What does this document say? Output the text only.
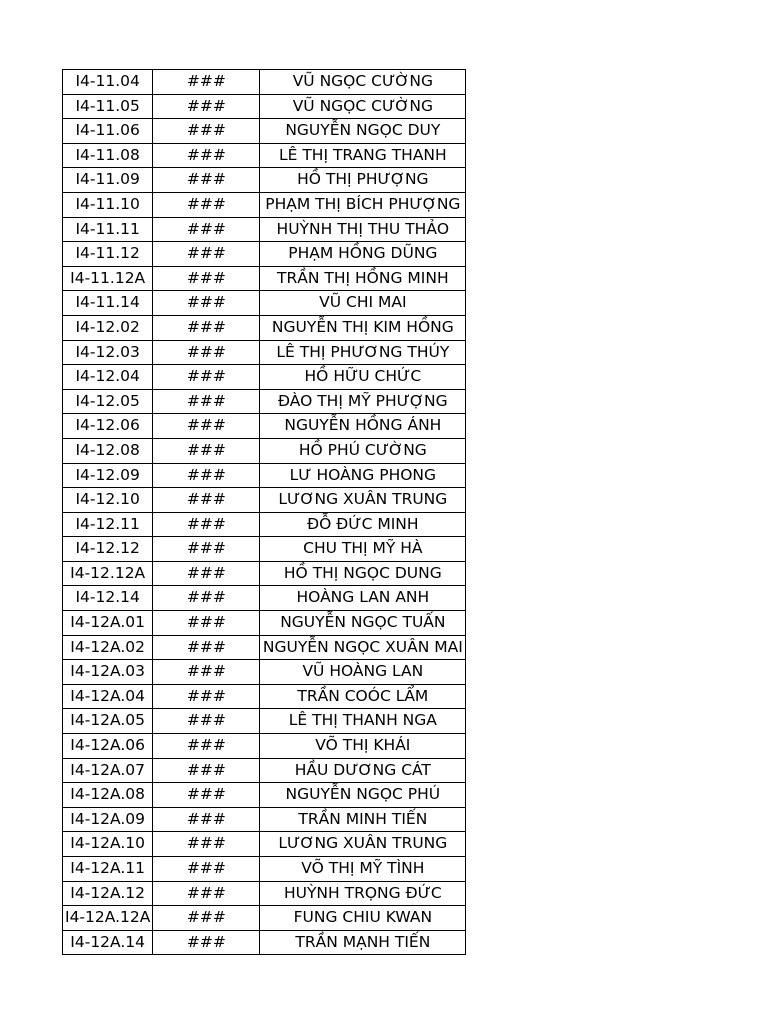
I4-11.04	###	VŨ NGỌC CƯỜNG
I4-11.05	###	VŨ NGỌC CƯỜNG
I4-11.06	###	NGUYỄN NGỌC DUY
I4-11.08	###	LÊ THỊ TRANG THANH
I4-11.09	###	HỒ THỊ PHƯỢNG
I4-11.10	###	PHẠM THỊ BÍCH PHƯỢNG
I4-11.11	###	HUỲNH THỊ THU THẢO
I4-11.12	###	PHẠM HỒNG DŨNG
I4-11.12A	###	TRẦN THỊ HỒNG MINH
I4-11.14	###	VŨ CHI MAI
I4-12.02	###	NGUYỄN THỊ KIM HỒNG
I4-12.03	###	LÊ THỊ PHƯƠNG THÚY
I4-12.04	###	HỒ HỮU CHỨC
I4-12.05	###	ĐÀO THỊ MỸ PHƯỢNG
I4-12.06	###	NGUYỄN HỒNG ÁNH
I4-12.08	###	HỒ PHÚ CƯỜNG
I4-12.09	###	LƯ HOÀNG PHONG
I4-12.10	###	LƯƠNG XUÂN TRUNG
I4-12.11	###	ĐỖ ĐỨC MINH
I4-12.12	###	CHU THỊ MỸ HÀ
I4-12.12A	###	HỒ THỊ NGỌC DUNG
I4-12.14	###	HOÀNG LAN ANH
I4-12A.01	###	NGUYỄN NGỌC TUẤN
I4-12A.02	###	NGUYỄN NGỌC XUÂN MAI
I4-12A.03	###	VŨ HOÀNG LAN
I4-12A.04	###	TRẦN COÓC LẨM
I4-12A.05	###	LÊ THỊ THANH NGA
I4-12A.06	###	VÕ THỊ KHÁI
I4-12A.07	###	HẦU DƯƠNG CÁT
I4-12A.08	###	NGUYỄN NGỌC PHÚ
I4-12A.09	###	TRẦN MINH TIẾN
I4-12A.10	###	LƯƠNG XUÂN TRUNG
I4-12A.11	###	VÕ THỊ MỸ TÌNH
I4-12A.12	###	HUỲNH TRỌNG ĐỨC
I4-12A.12A	###	FUNG CHIU KWAN
I4-12A.14	###	TRẦN MẠNH TIẾN
